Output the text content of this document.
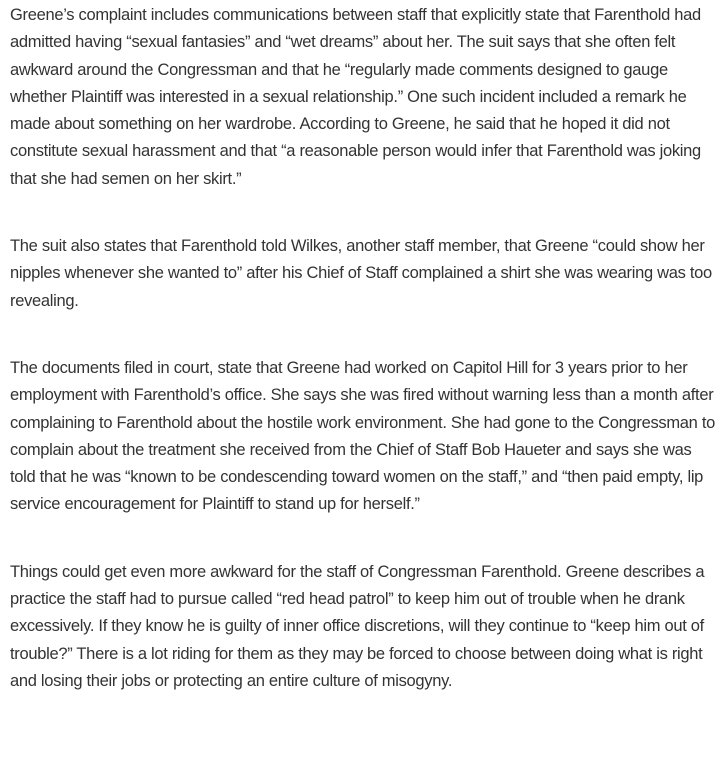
Greene’s complaint includes communications between staff that explicitly state that Farenthold had admitted having “sexual fantasies” and “wet dreams” about her. The suit says that she often felt awkward around the Congressman and that he “regularly made comments designed to gauge whether Plaintiff was interested in a sexual relationship.” One such incident included a remark he made about something on her wardrobe. According to Greene, he said that he hoped it did not constitute sexual harassment and that “a reasonable person would infer that Farenthold was joking that she had semen on her skirt.”

The suit also states that Farenthold told Wilkes, another staff member, that Greene “could show her nipples whenever she wanted to” after his Chief of Staff complained a shirt she was wearing was too revealing.

The documents filed in court, state that Greene had worked on Capitol Hill for 3 years prior to her employment with Farenthold’s office. She says she was fired without warning less than a month after complaining to Farenthold about the hostile work environment. She had gone to the Congressman to complain about the treatment she received from the Chief of Staff Bob Haueter and says she was told that he was “known to be condescending toward women on the staff,” and “then paid empty, lip service encouragement for Plaintiff to stand up for herself.”

Things could get even more awkward for the staff of Congressman Farenthold. Greene describes a practice the staff had to pursue called “red head patrol” to keep him out of trouble when he drank excessively. If they know he is guilty of inner office discretions, will they continue to “keep him out of trouble?” There is a lot riding for them as they may be forced to choose between doing what is right and losing their jobs or protecting an entire culture of misogyny.
